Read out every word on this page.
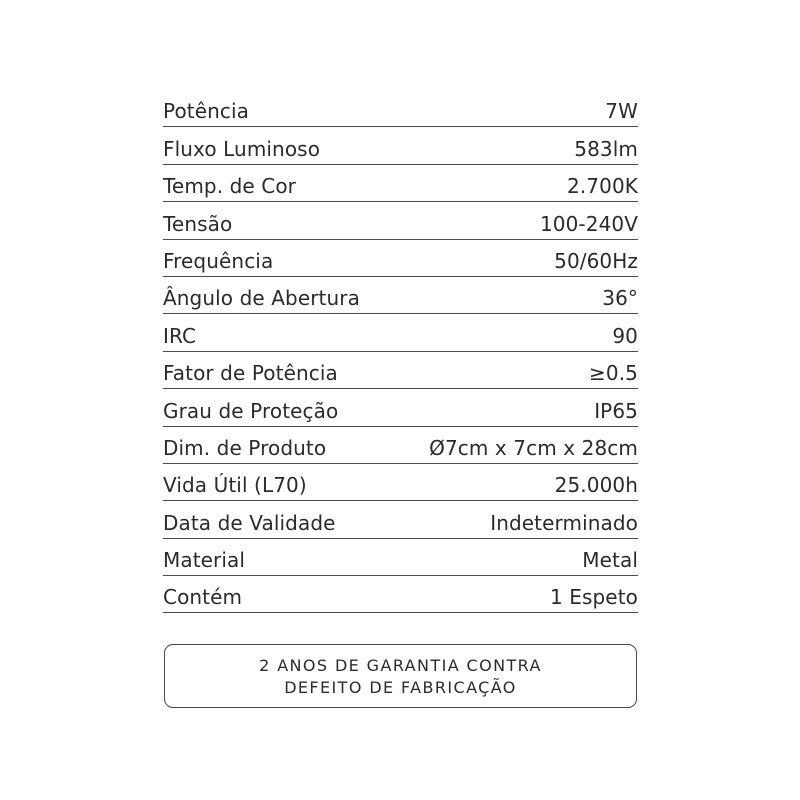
Potência	7W
Fluxo Luminoso	583lm
Temp. de Cor	2.700K
Tensão	100-240V
Frequência	50/60Hz
Ângulo de Abertura	36°
IRC	90
Fator de Potência	≥0.5
Grau de Proteção	IP65
Dim. de Produto	Ø7cm x 7cm x 28cm
Vida Útil (L70)	25.000h
Data de Validade	Indeterminado
Material	Metal
Contém	1 Espeto
2 ANOS DE GARANTIA CONTRA
DEFEITO DE FABRICAÇÃO
